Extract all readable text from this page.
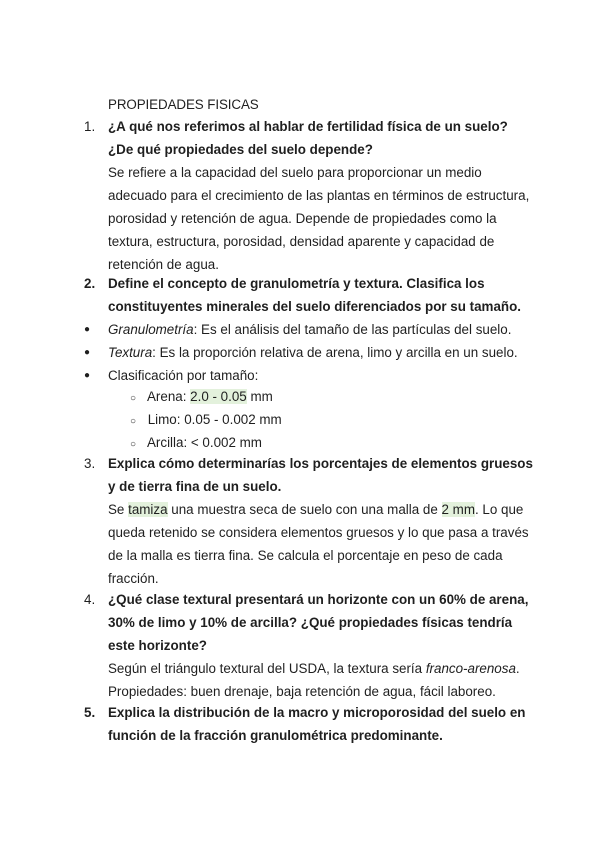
PROPIEDADES FISICAS
1. ¿A qué nos referimos al hablar de fertilidad física de un suelo?
¿De qué propiedades del suelo depende?
Se refiere a la capacidad del suelo para proporcionar un medio
adecuado para el crecimiento de las plantas en términos de estructura,
porosidad y retención de agua. Depende de propiedades como la
textura, estructura, porosidad, densidad aparente y capacidad de
retención de agua.
2. Define el concepto de granulometría y textura. Clasifica los
constituyentes minerales del suelo diferenciados por su tamaño.
●	Granulometría: Es el análisis del tamaño de las partículas del suelo.
●	Textura: Es la proporción relativa de arena, limo y arcilla en un suelo.
●	Clasificación por tamaño:
○ Arena: 2.0 - 0.05 mm
○ Limo: 0.05 - 0.002 mm
○ Arcilla: < 0.002 mm
3. Explica cómo determinarías los porcentajes de elementos gruesos
y de tierra fina de un suelo.
Se tamiza una muestra seca de suelo con una malla de 2 mm. Lo que
queda retenido se considera elementos gruesos y lo que pasa a través
de la malla es tierra fina. Se calcula el porcentaje en peso de cada
fracción.
4. ¿Qué clase textural presentará un horizonte con un 60% de arena,
30% de limo y 10% de arcilla? ¿Qué propiedades físicas tendría
este horizonte?
Según el triángulo textural del USDA, la textura sería franco-arenosa.
Propiedades: buen drenaje, baja retención de agua, fácil laboreo.
5. Explica la distribución de la macro y microporosidad del suelo en
función de la fracción granulométrica predominante.
